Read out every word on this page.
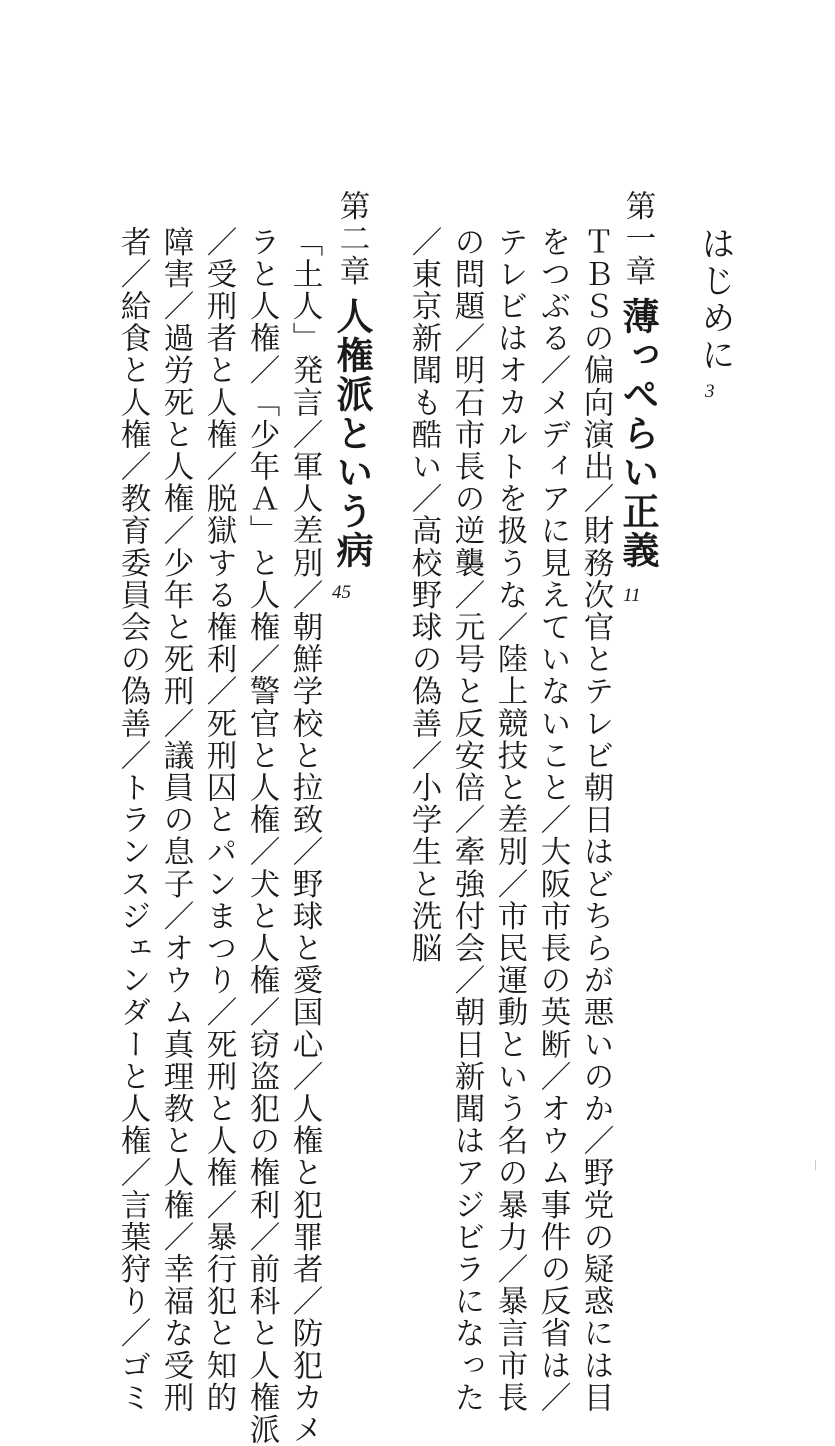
はじめに
3
第一章
薄っぺらい正義
11
ＴＢＳの偏向演出／財務次官とテレビ朝日はどちらが悪いのか／野党の疑惑には目
をつぶる／メディアに見えていないこと／大阪市長の英断／オウム事件の反省は／
テレビはオカルトを扱うな／陸上競技と差別／市民運動という名の暴力／暴言市長
の問題／明石市長の逆襲／元号と反安倍／牽強付会／朝日新聞はアジビラになった
／東京新聞も酷い／高校野球の偽善／小学生と洗脳
第二章
人権派という病
45
「土人」発言／軍人差別／朝鮮学校と拉致／野球と愛国心／人権と犯罪者／防犯カメ
ラと人権／「少年Ａ」と人権／警官と人権／犬と人権／窃盗犯の権利／前科と人権派
／受刑者と人権／脱獄する権利／死刑囚とパンまつり／死刑と人権／暴行犯と知的
障害／過労死と人権／少年と死刑／議員の息子／オウム真理教と人権／幸福な受刑
者／給食と人権／教育委員会の偽善／トランスジェンダーと人権／言葉狩り／ゴミ
